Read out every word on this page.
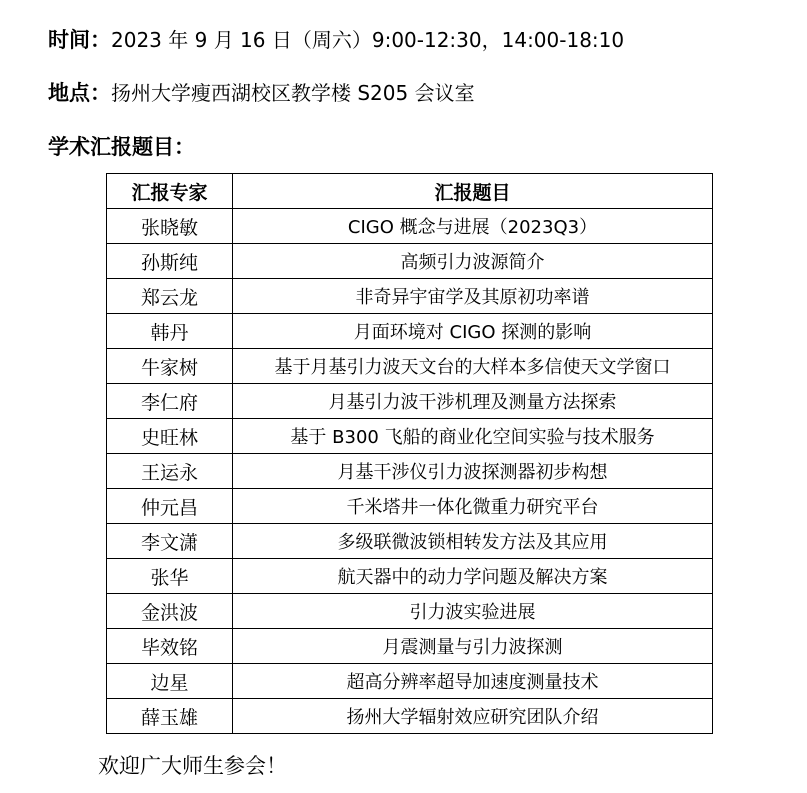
时间：2023 年 9 月 16 日（周六）9:00-12:30，14:00-18:10
地点：扬州大学瘦西湖校区教学楼 S205 会议室
学术汇报题目：
汇报专家	汇报题目
张晓敏	CIGO 概念与进展（2023Q3）
孙斯纯	高频引力波源简介
郑云龙	非奇异宇宙学及其原初功率谱
韩丹	月面环境对 CIGO 探测的影响
牛家树	基于月基引力波天文台的大样本多信使天文学窗口
李仁府	月基引力波干涉机理及测量方法探索
史旺林	基于 B300 飞船的商业化空间实验与技术服务
王运永	月基干涉仪引力波探测器初步构想
仲元昌	千米塔井一体化微重力研究平台
李文潇	多级联微波锁相转发方法及其应用
张华	航天器中的动力学问题及解决方案
金洪波	引力波实验进展
毕效铭	月震测量与引力波探测
边星	超高分辨率超导加速度测量技术
薛玉雄	扬州大学辐射效应研究团队介绍
欢迎广大师生参会！
